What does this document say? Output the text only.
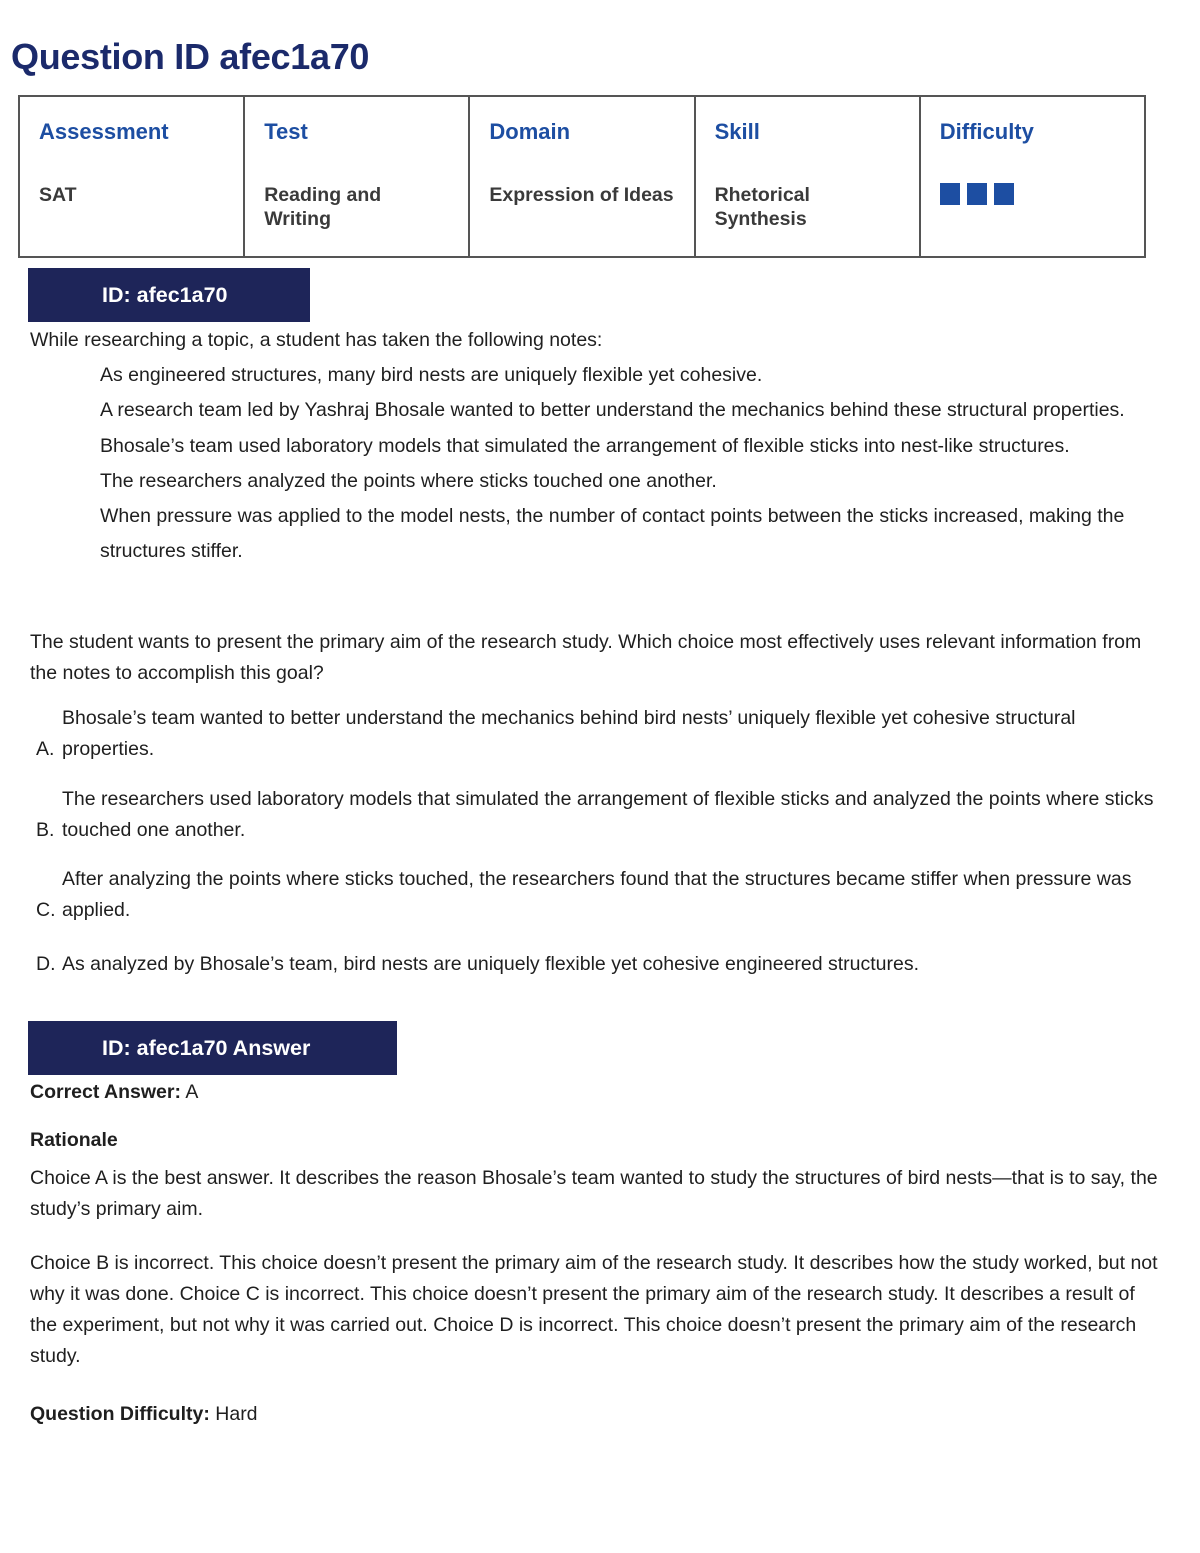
Question ID afec1a70
Assessment
SAT

Test
Reading and Writing

Domain
Expression of Ideas

Skill
Rhetorical Synthesis

Difficulty
ID: afec1a70

While researching a topic, a student has taken the following notes:

As engineered structures, many bird nests are uniquely flexible yet cohesive.
A research team led by Yashraj Bhosale wanted to better understand the mechanics behind these structural properties.
Bhosale’s team used laboratory models that simulated the arrangement of flexible sticks into nest-like structures.
The researchers analyzed the points where sticks touched one another.
When pressure was applied to the model nests, the number of contact points between the sticks increased, making the structures stiffer.

The student wants to present the primary aim of the research study. Which choice most effectively uses relevant information from the notes to accomplish this goal?

A.
Bhosale’s team wanted to better understand the mechanics behind bird nests’ uniquely flexible yet cohesive structural properties.
B.
The researchers used laboratory models that simulated the arrangement of flexible sticks and analyzed the points where sticks touched one another.
C.
After analyzing the points where sticks touched, the researchers found that the structures became stiffer when pressure was applied.
D. As analyzed by Bhosale’s team, bird nests are uniquely flexible yet cohesive engineered structures.
ID: afec1a70 Answer

Correct Answer: A

Rationale

Choice A is the best answer. It describes the reason Bhosale’s team wanted to study the structures of bird nests—that is to say, the study’s primary aim.

Choice B is incorrect. This choice doesn’t present the primary aim of the research study. It describes how the study worked, but not why it was done. Choice C is incorrect. This choice doesn’t present the primary aim of the research study. It describes a result of the experiment, but not why it was carried out. Choice D is incorrect. This choice doesn’t present the primary aim of the research study.

Question Difficulty: Hard
